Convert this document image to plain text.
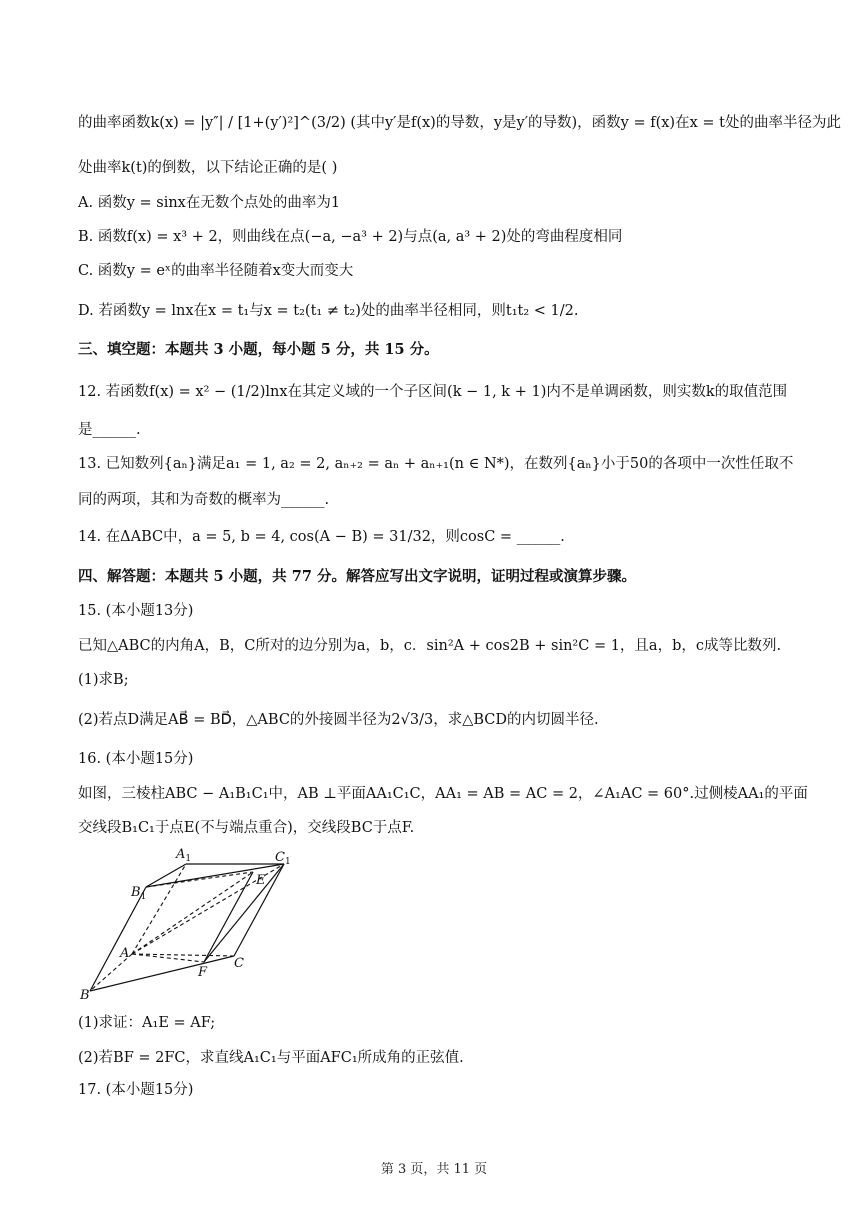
的曲率函数k(x) = |y″| / [1+(y′)²]^(3/2) (其中y′是f(x)的导数，y是y′的导数)，函数y = f(x)在x = t处的曲率半径为此
处曲率k(t)的倒数，以下结论正确的是( )
A. 函数y = sinx在无数个点处的曲率为1
B. 函数f(x) = x³ + 2，则曲线在点(−a, −a³ + 2)与点(a, a³ + 2)处的弯曲程度相同
C. 函数y = eˣ的曲率半径随着x变大而变大
D. 若函数y = lnx在x = t₁与x = t₂(t₁ ≠ t₂)处的曲率半径相同，则t₁t₂ < 1/2.
三、填空题：本题共 3 小题，每小题 5 分，共 15 分。
12. 若函数f(x) = x² − (1/2)lnx在其定义域的一个子区间(k − 1, k + 1)内不是单调函数，则实数k的取值范围
是______.
13. 已知数列{aₙ}满足a₁ = 1, a₂ = 2, aₙ₊₂ = aₙ + aₙ₊₁(n ∈ N*)，在数列{aₙ}小于50的各项中一次性任取不
同的两项，其和为奇数的概率为______.
14. 在ΔABC中，a = 5, b = 4, cos(A − B) = 31/32，则cosC = ______.
四、解答题：本题共 5 小题，共 77 分。解答应写出文字说明，证明过程或演算步骤。
15. (本小题13分)
已知△ABC的内角A，B，C所对的边分别为a，b，c．sin²A + cos2B + sin²C = 1，且a，b，c成等比数列.
(1)求B;
(2)若点D满足AB⃗ = BD⃗，△ABC的外接圆半径为2√3/3，求△BCD的内切圆半径.
16. (本小题15分)
如图，三棱柱ABC − A₁B₁C₁中，AB ⊥平面AA₁C₁C，AA₁ = AB = AC = 2，∠A₁AC = 60°.过侧棱AA₁的平面
交线段B₁C₁于点E(不与端点重合)，交线段BC于点F.
$A_1$	$C_1$
$B_1$
E
A
F
C
B
(1)求证：A₁E = AF;
(2)若BF = 2FC，求直线A₁C₁与平面AFC₁所成角的正弦值.
17. (本小题15分)
第 3 页，共 11 页
